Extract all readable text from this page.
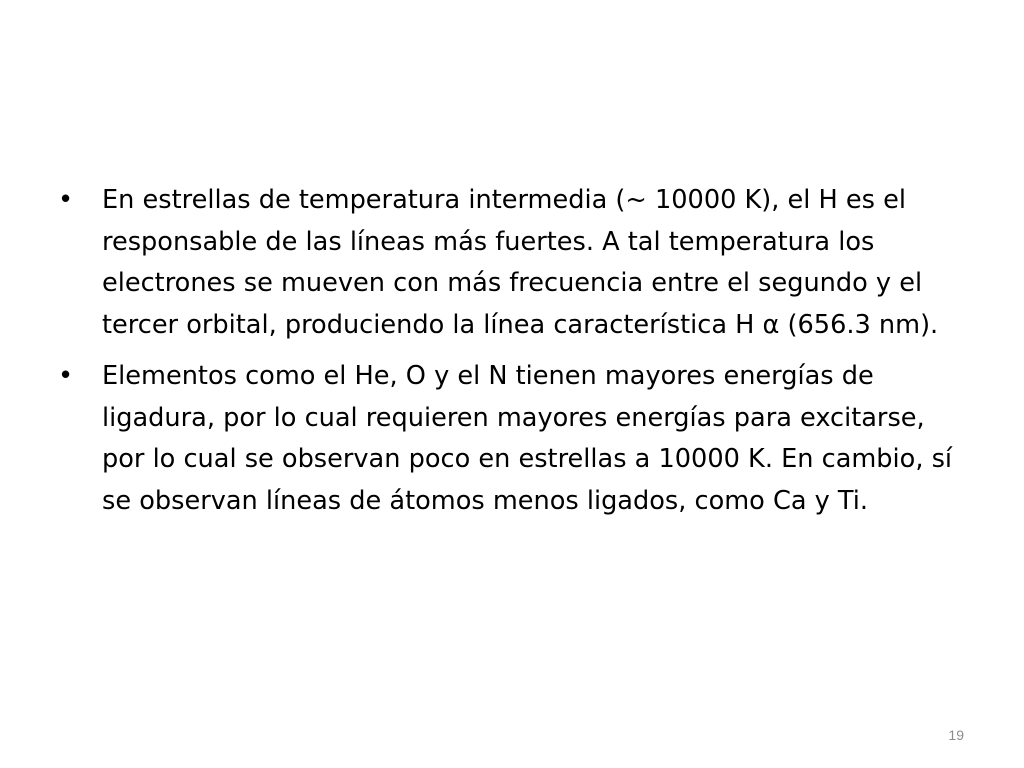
• En estrellas de temperatura intermedia (~ 10000 K), el H es el responsable de las líneas más fuertes. A tal temperatura los electrones se mueven con más frecuencia entre el segundo y el tercer orbital, produciendo la línea característica H α (656.3 nm).
• Elementos como el He, O y el N tienen mayores energías de ligadura, por lo cual requieren mayores energías para excitarse, por lo cual se observan poco en estrellas a 10000 K. En cambio, sí se observan líneas de átomos menos ligados, como Ca y Ti.
19
